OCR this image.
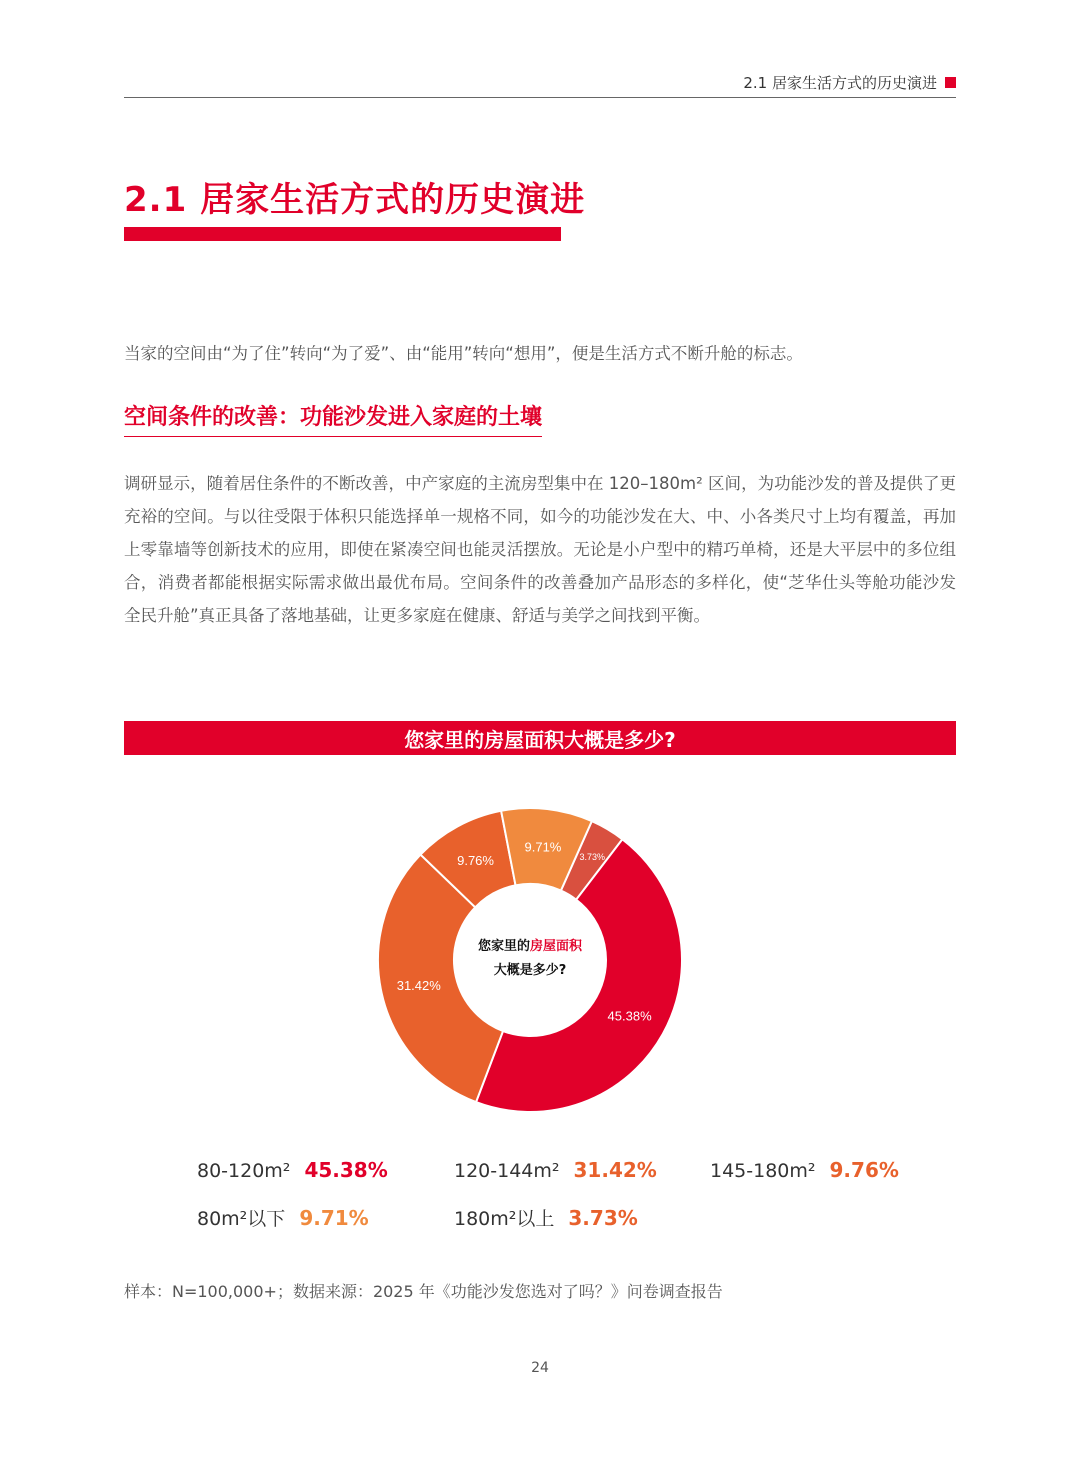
2.1 居家生活方式的历史演进
2.1 居家生活方式的历史演进

当家的空间由“为了住”转向“为了爱”、由“能用”转向“想用”，便是生活方式不断升舱的标志。

空间条件的改善：功能沙发进入家庭的土壤

调研显示，随着居住条件的不断改善，中产家庭的主流房型集中在 120–180m² 区间，为功能沙发的普及提供了更充裕的空间。与以往受限于体积只能选择单一规格不同，如今的功能沙发在大、中、小各类尺寸上均有覆盖，再加上零靠墙等创新技术的应用，即使在紧凑空间也能灵活摆放。无论是小户型中的精巧单椅，还是大平层中的多位组合，消费者都能根据实际需求做出最优布局。空间条件的改善叠加产品形态的多样化，使“芝华仕头等舱功能沙发全民升舱”真正具备了落地基础，让更多家庭在健康、舒适与美学之间找到平衡。

您家里的房屋面积大概是多少?
3.73%
45.38%
31.42%
9.76%
9.71%
您家里的房屋面积
大概是多少?
80-120m² 45.38%	120-144m² 31.42%	145-180m² 9.76%
80m²以下 9.71%	180m²以上 3.73%

样本：N=100,000+；数据来源：2025 年《功能沙发您选对了吗？》问卷调查报告

24
